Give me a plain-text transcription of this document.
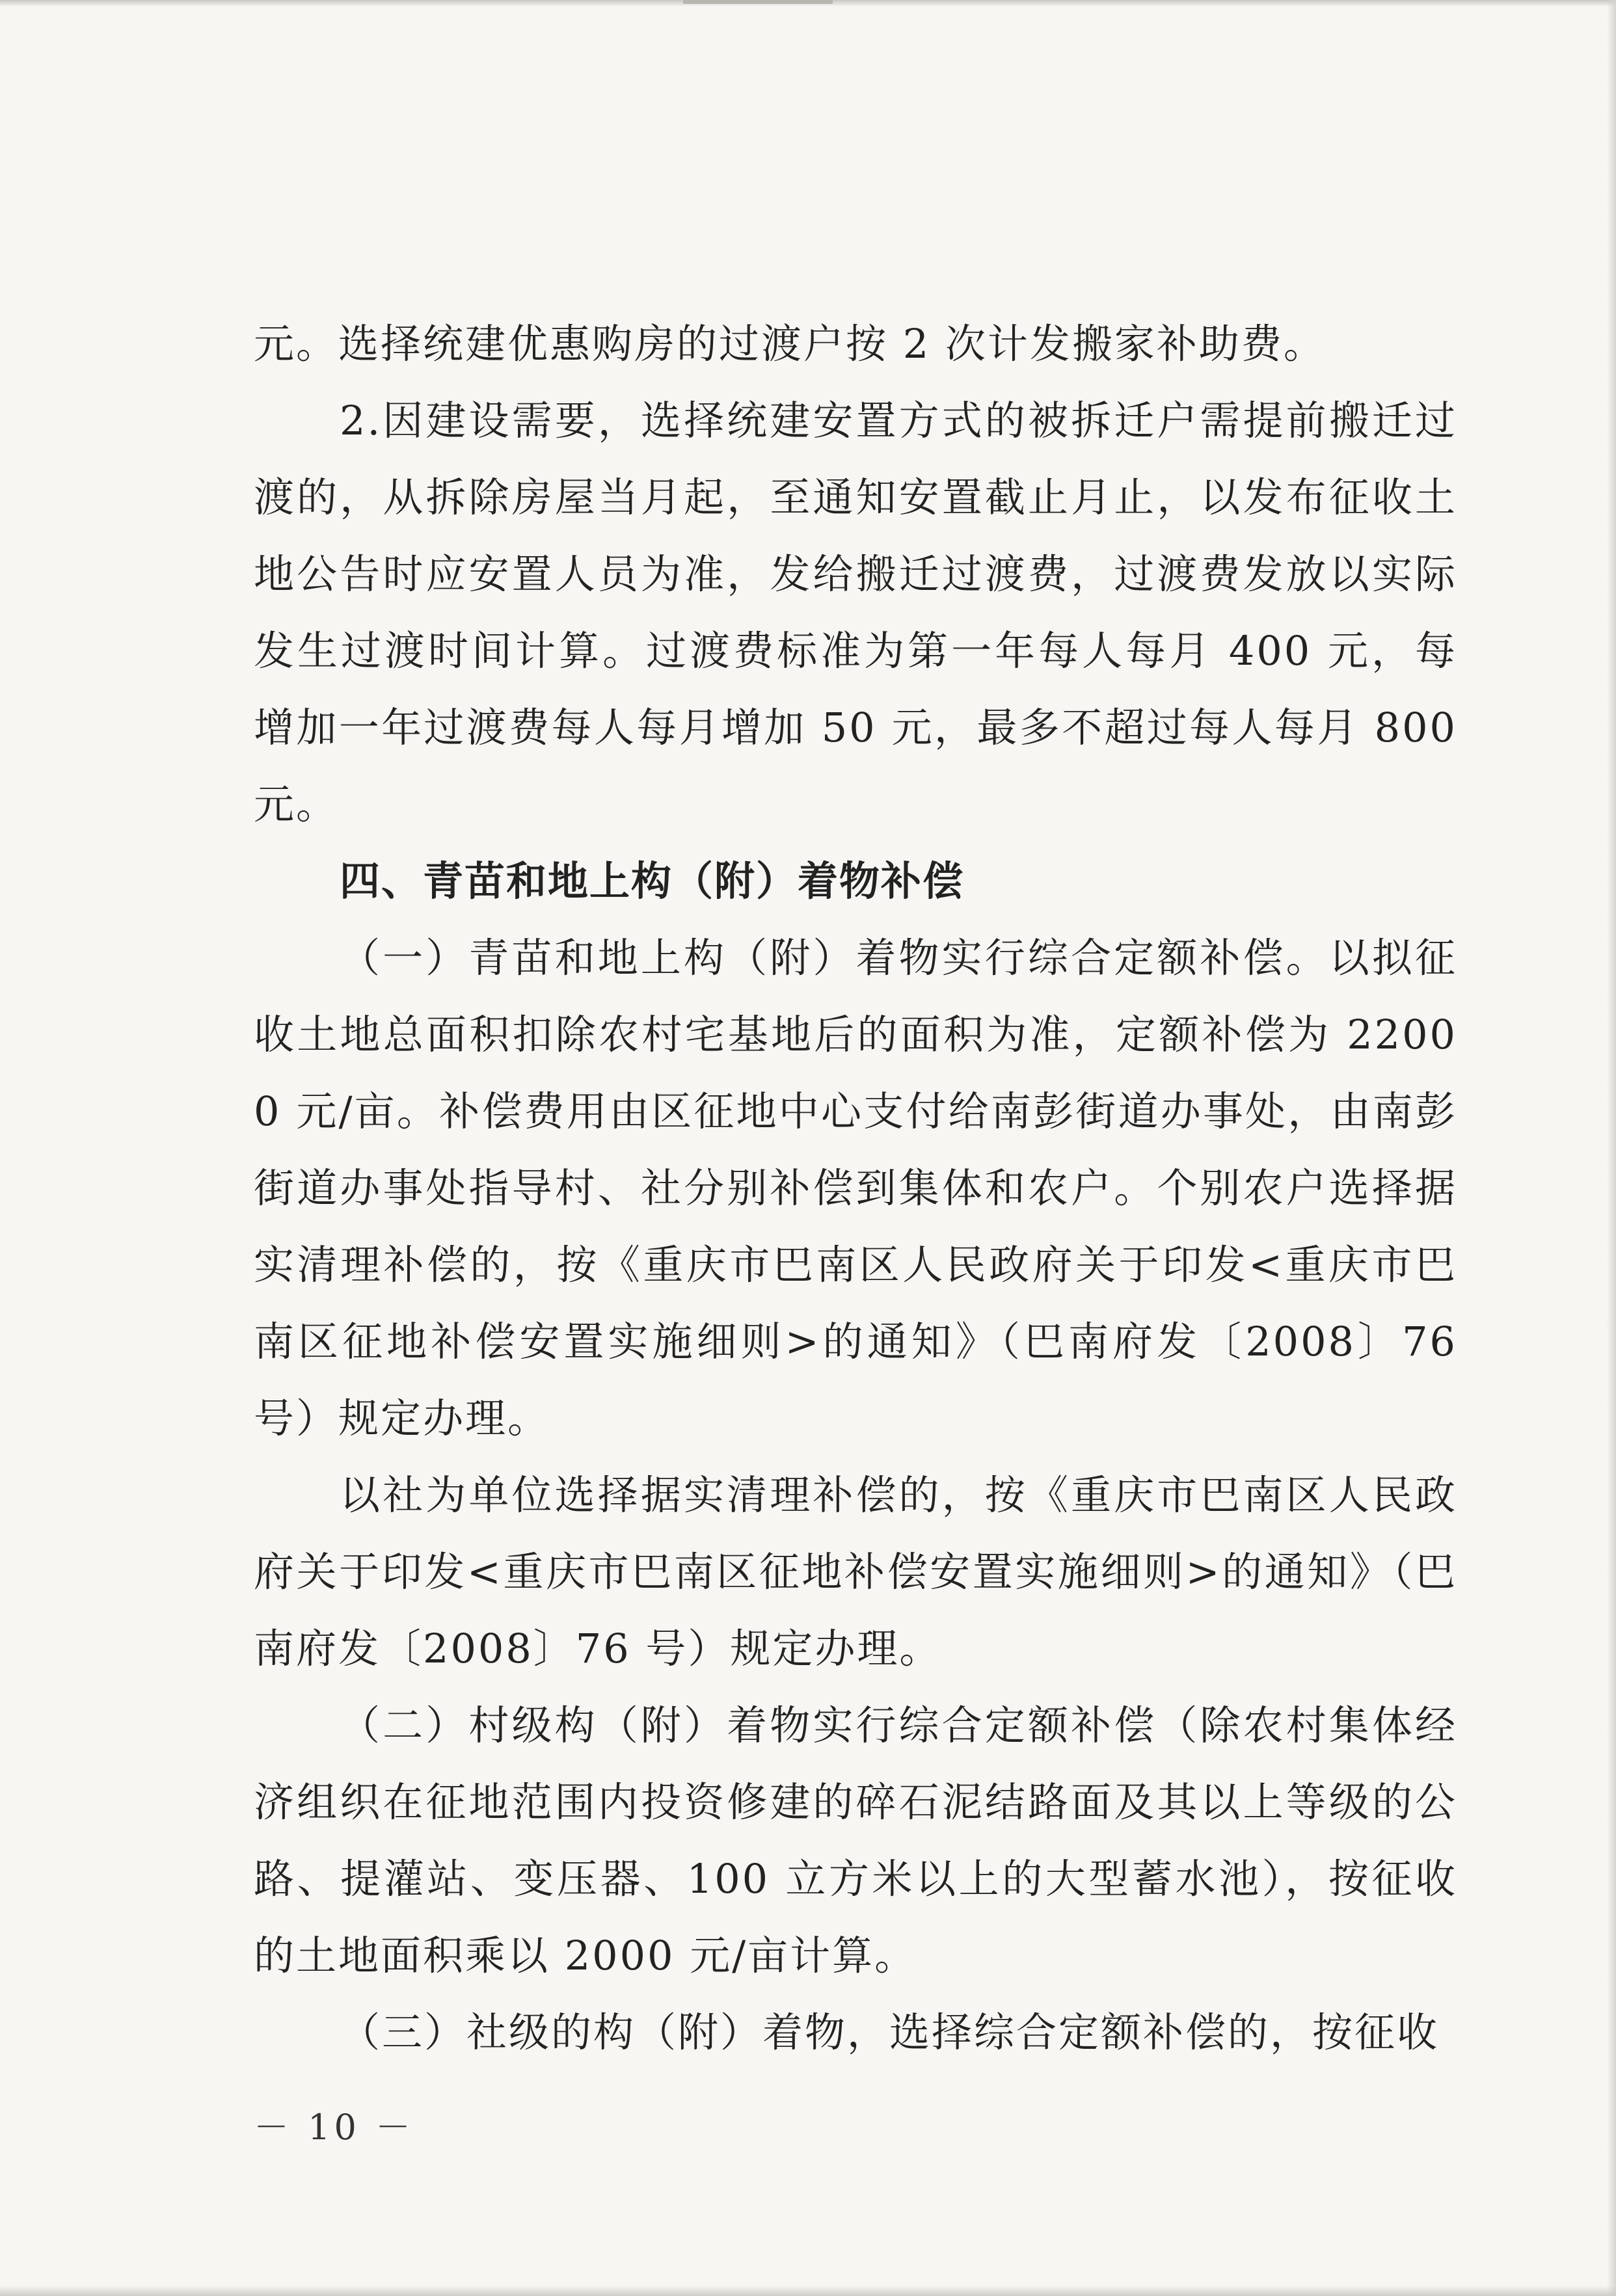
元。选择统建优惠购房的过渡户按 2 次计发搬家补助费。

2.因建设需要，选择统建安置方式的被拆迁户需提前搬迁过渡的，从拆除房屋当月起，至通知安置截止月止，以发布征收土地公告时应安置人员为准，发给搬迁过渡费，过渡费发放以实际发生过渡时间计算。过渡费标准为第一年每人每月 400 元，每增加一年过渡费每人每月增加 50 元，最多不超过每人每月 800 元。

四、青苗和地上构（附）着物补偿

（一）青苗和地上构（附）着物实行综合定额补偿。以拟征收土地总面积扣除农村宅基地后的面积为准，定额补偿为 22000 元/亩。补偿费用由区征地中心支付给南彭街道办事处，由南彭街道办事处指导村、社分别补偿到集体和农户。个别农户选择据实清理补偿的，按《重庆市巴南区人民政府关于印发<重庆市巴南区征地补偿安置实施细则>的通知》（巴南府发〔2008〕76 号）规定办理。

以社为单位选择据实清理补偿的，按《重庆市巴南区人民政府关于印发<重庆市巴南区征地补偿安置实施细则>的通知》（巴南府发〔2008〕76 号）规定办理。

（二）村级构（附）着物实行综合定额补偿（除农村集体经济组织在征地范围内投资修建的碎石泥结路面及其以上等级的公路、提灌站、变压器、100 立方米以上的大型蓄水池），按征收的土地面积乘以 2000 元/亩计算。

（三）社级的构（附）着物，选择综合定额补偿的，按征收

－ 10 －
